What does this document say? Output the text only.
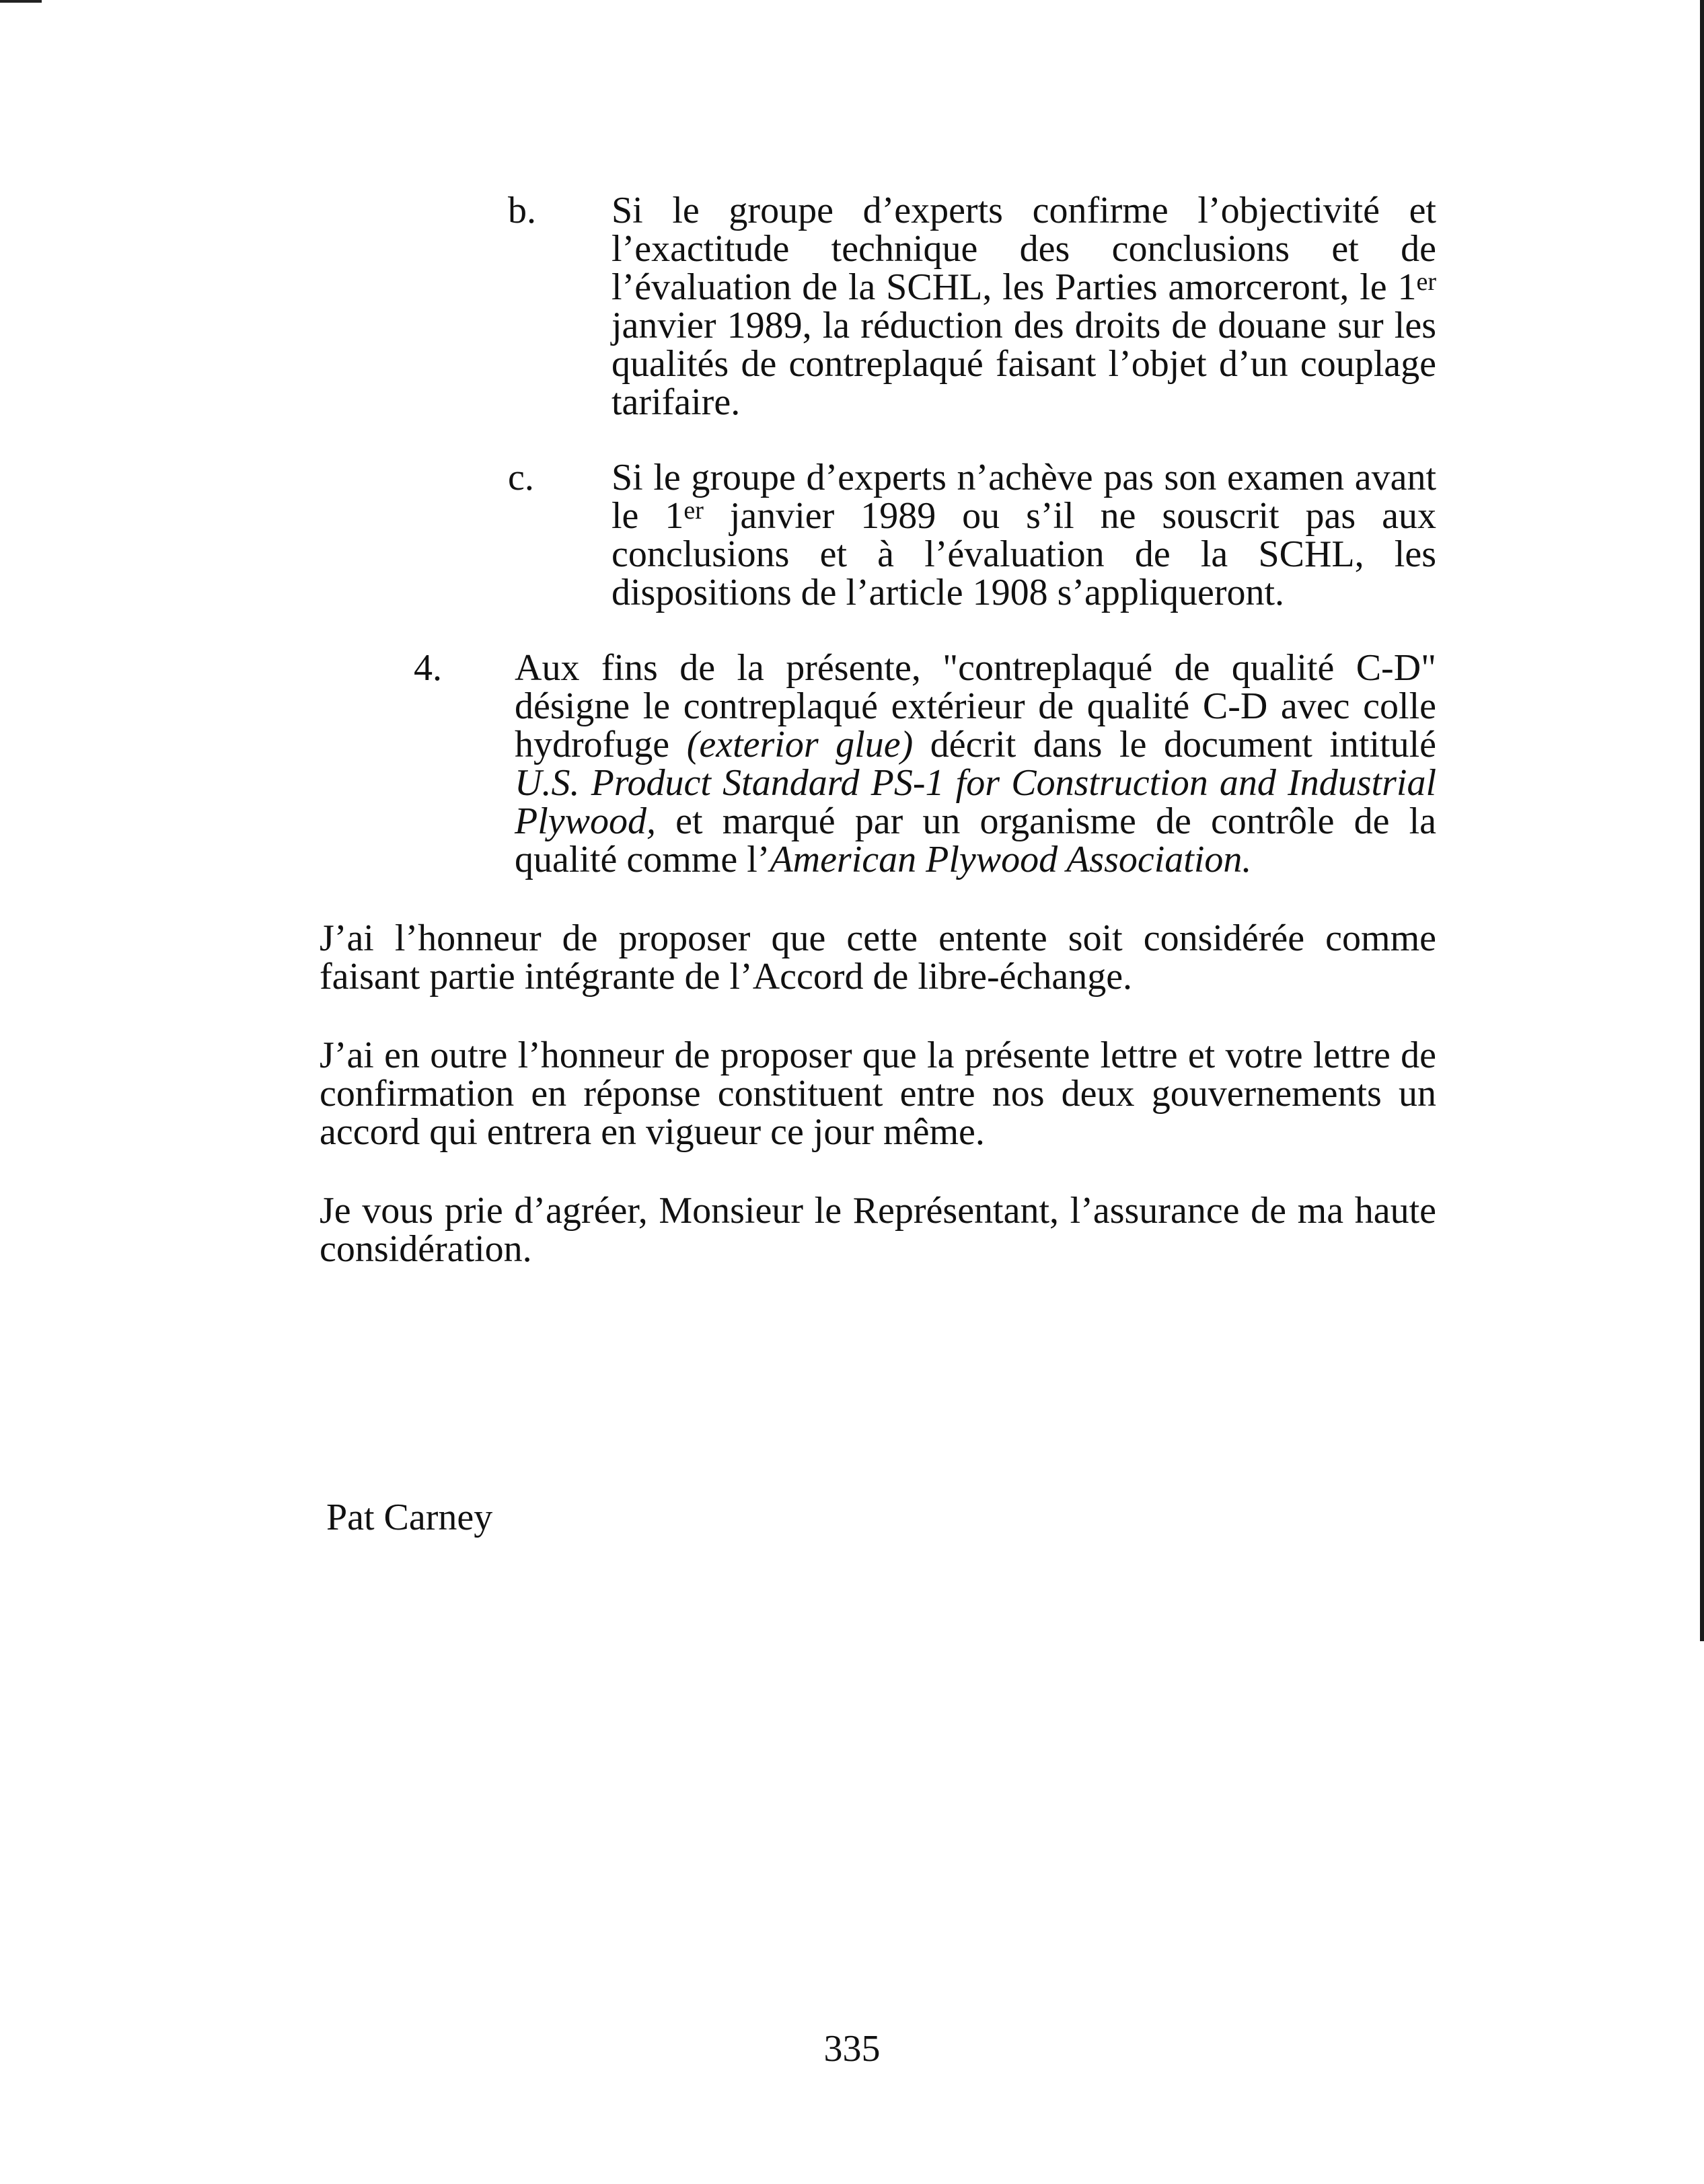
b. Si le groupe d’experts confirme l’objectivité et l’exactitude technique des conclusions et de l’évaluation de la SCHL, les Parties amorceront, le 1er janvier 1989, la réduction des droits de douane sur les qualités de contreplaqué faisant l’objet d’un couplage tarifaire.
c. Si le groupe d’experts n’achève pas son examen avant le 1er janvier 1989 ou s’il ne souscrit pas aux conclusions et à l’évaluation de la SCHL, les dispositions de l’article 1908 s’appliqueront.
4. Aux fins de la présente, "contreplaqué de qualité C-D" désigne le contreplaqué extérieur de qualité C-D avec colle hydrofuge (exterior glue) décrit dans le document intitulé U.S. Product Standard PS-1 for Construction and Industrial Plywood, et marqué par un organisme de contrôle de la qualité comme l’American Plywood Association.

J’ai l’honneur de proposer que cette entente soit considérée comme faisant partie intégrante de l’Accord de libre-échange.

J’ai en outre l’honneur de proposer que la présente lettre et votre lettre de confirmation en réponse constituent entre nos deux gouvernements un accord qui entrera en vigueur ce jour même.

Je vous prie d’agréer, Monsieur le Représentant, l’assurance de ma haute considération.

Pat Carney
335
